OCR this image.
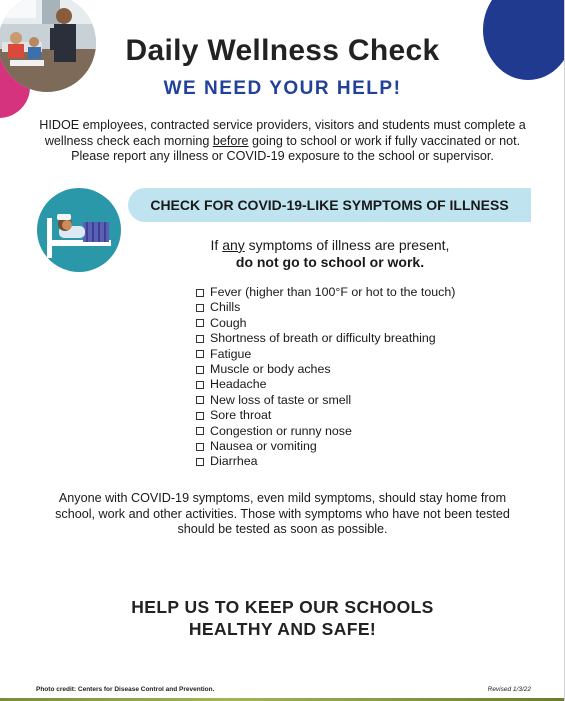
Daily Wellness Check
WE NEED YOUR HELP!
HIDOE employees, contracted service providers, visitors and students must complete a wellness check each morning before going to school or work if fully vaccinated or not. Please report any illness or COVID-19 exposure to the school or supervisor.
CHECK FOR COVID-19-LIKE SYMPTOMS OF ILLNESS
If any symptoms of illness are present,
do not go to school or work.
Fever (higher than 100°F or hot to the touch)
Chills
Cough
Shortness of breath or difficulty breathing
Fatigue
Muscle or body aches
Headache
New loss of taste or smell
Sore throat
Congestion or runny nose
Nausea or vomiting
Diarrhea
Anyone with COVID-19 symptoms, even mild symptoms, should stay home from school, work and other activities. Those with symptoms who have not been tested should be tested as soon as possible.
HELP US TO KEEP OUR SCHOOLS
HEALTHY AND SAFE!
Photo credit: Centers for Disease Control and Prevention.	Revised 1/3/22
